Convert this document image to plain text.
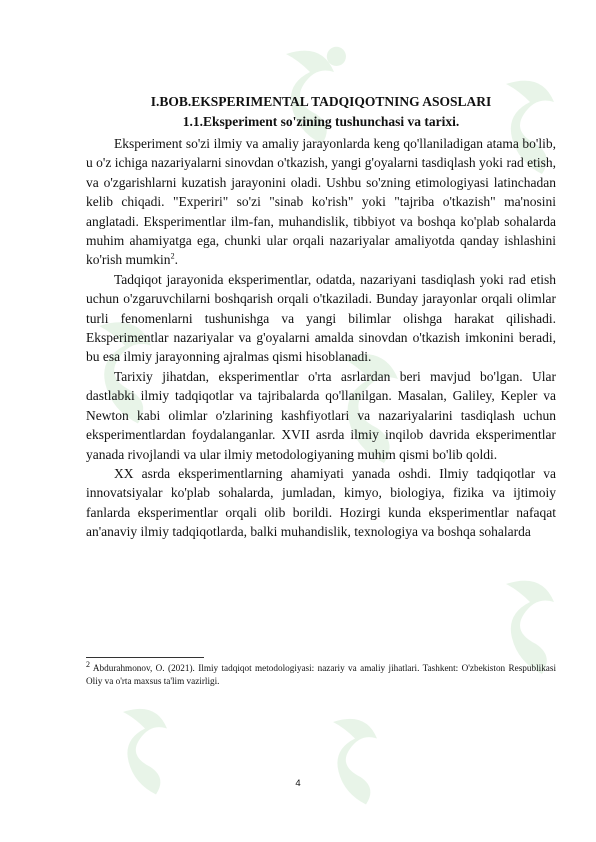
I.BOB.EKSPERIMENTAL TADQIQOTNING ASOSLARI
1.1.Eksperiment so'zining tushunchasi va tarixi.

Eksperiment so'zi ilmiy va amaliy jarayonlarda keng qo'llaniladigan atama bo'lib, u o'z ichiga nazariyalarni sinovdan o'tkazish, yangi g'oyalarni tasdiqlash yoki rad etish, va o'zgarishlarni kuzatish jarayonini oladi. Ushbu so'zning etimologiyasi latinchadan kelib chiqadi. "Experiri" so'zi "sinab ko'rish" yoki "tajriba o'tkazish" ma'nosini anglatadi. Eksperimentlar ilm-fan, muhandislik, tibbiyot va boshqa ko'plab sohalarda muhim ahamiyatga ega, chunki ular orqali nazariyalar amaliyotda qanday ishlashini ko'rish mumkin$^2$.

Tadqiqot jarayonida eksperimentlar, odatda, nazariyani tasdiqlash yoki rad etish uchun o'zgaruvchilarni boshqarish orqali o'tkaziladi. Bunday jarayonlar orqali olimlar turli fenomenlarni tushunishga va yangi bilimlar olishga harakat qilishadi. Eksperimentlar nazariyalar va g'oyalarni amalda sinovdan o'tkazish imkonini beradi, bu esa ilmiy jarayonning ajralmas qismi hisoblanadi.

Tarixiy jihatdan, eksperimentlar o'rta asrlardan beri mavjud bo'lgan. Ular dastlabki ilmiy tadqiqotlar va tajribalarda qo'llanilgan. Masalan, Galiley, Kepler va Newton kabi olimlar o'zlarining kashfiyotlari va nazariyalarini tasdiqlash uchun eksperimentlardan foydalanganlar. XVII asrda ilmiy inqilob davrida eksperimentlar yanada rivojlandi va ular ilmiy metodologiyaning muhim qismi bo'lib qoldi.

XX asrda eksperimentlarning ahamiyati yanada oshdi. Ilmiy tadqiqotlar va innovatsiyalar ko'plab sohalarda, jumladan, kimyo, biologiya, fizika va ijtimoiy fanlarda eksperimentlar orqali olib borildi. Hozirgi kunda eksperimentlar nafaqat an'anaviy ilmiy tadqiqotlarda, balki muhandislik, texnologiya va boshqa sohalarda

$^2$ Abdurahmonov, O. (2021). Ilmiy tadqiqot metodologiyasi: nazariy va amaliy jihatlari. Tashkent: O'zbekiston Respublikasi Oliy va o'rta maxsus ta'lim vazirligi.

4
